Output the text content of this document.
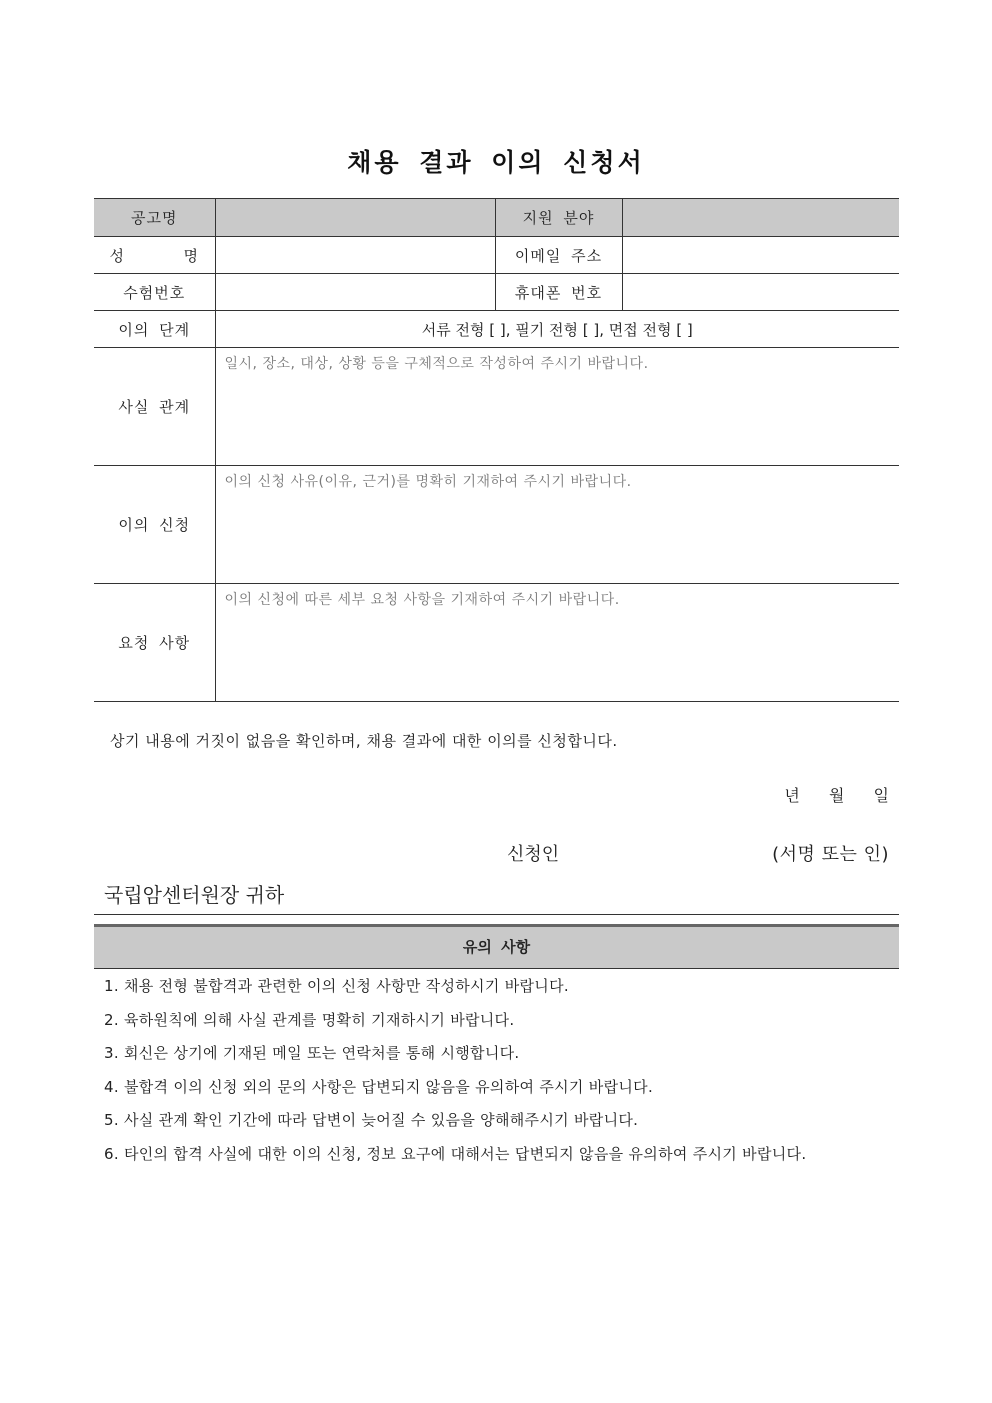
채용 결과 이의 신청서
공고명		지원 분야	
성      명		이메일 주소	
수험번호		휴대폰 번호	
이의 단계	서류 전형 [ ], 필기 전형 [ ], 면접 전형 [ ]		
사실 관계	일시, 장소, 대상, 상황 등을 구체적으로 작성하여 주시기 바랍니다.		

이의 신청	이의 신청 사유(이유, 근거)를 명확히 기재하여 주시기 바랍니다.		

요청 사항	이의 신청에 따른 세부 요청 사항을 기재하여 주시기 바랍니다.		
상기 내용에 거짓이 없음을 확인하며, 채용 결과에 대한 이의를 신청합니다.
년 월 일
신청인	(서명 또는 인)
국립암센터원장 귀하
유의 사항
1. 채용 전형 불합격과 관련한 이의 신청 사항만 작성하시기 바랍니다.
2. 육하원칙에 의해 사실 관계를 명확히 기재하시기 바랍니다.
3. 회신은 상기에 기재된 메일 또는 연락처를 통해 시행합니다.
4. 불합격 이의 신청 외의 문의 사항은 답변되지 않음을 유의하여 주시기 바랍니다.
5. 사실 관계 확인 기간에 따라 답변이 늦어질 수 있음을 양해해주시기 바랍니다.
6. 타인의 합격 사실에 대한 이의 신청, 정보 요구에 대해서는 답변되지 않음을 유의하여 주시기 바랍니다.
